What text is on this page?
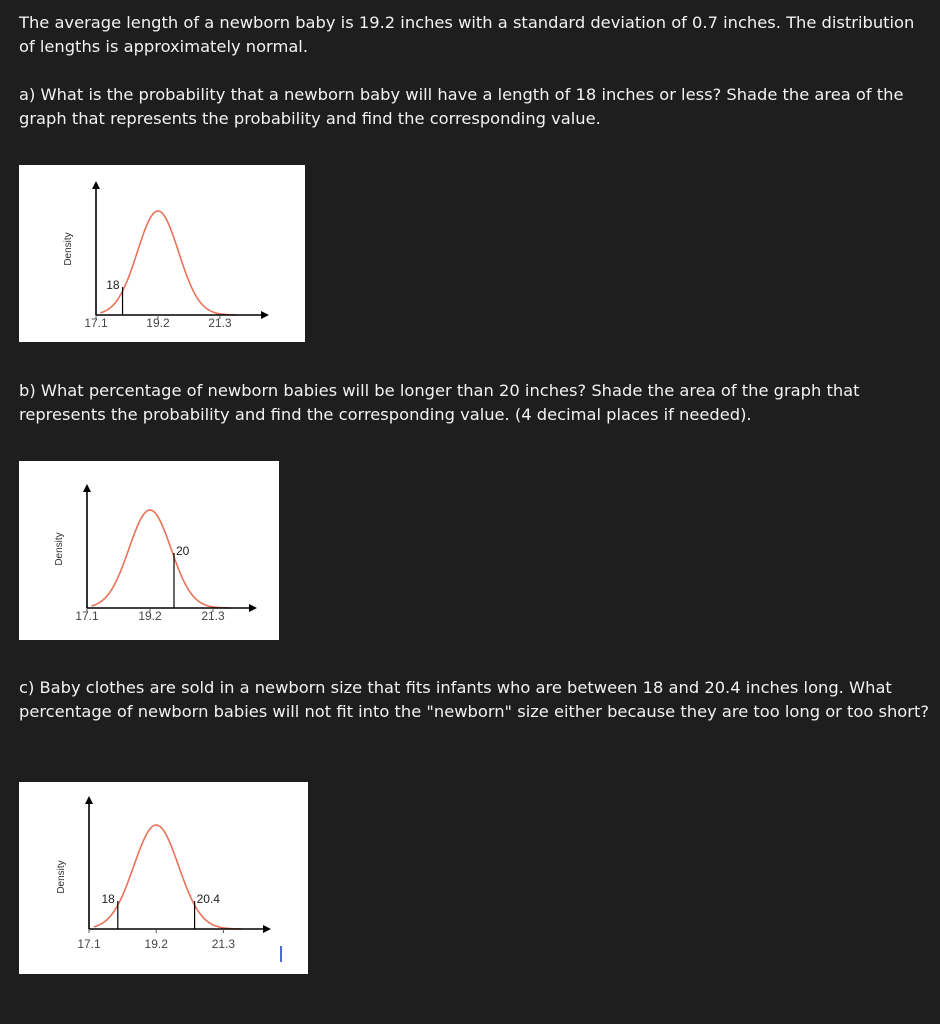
The average length of a newborn baby is 19.2 inches with a standard deviation of 0.7 inches. The distribution of lengths is approximately normal.

a) What is the probability that a newborn baby will have a length of 18 inches or less? Shade the area of the graph that represents the probability and find the corresponding value.

Density
17.1	19.2	21.3
18

b) What percentage of newborn babies will be longer than 20 inches? Shade the area of the graph that represents the probability and find the corresponding value. (4 decimal places if needed).

Density
17.1	19.2	21.3
20

c) Baby clothes are sold in a newborn size that fits infants who are between 18 and 20.4 inches long. What percentage of newborn babies will not fit into the "newborn" size either because they are too long or too short?

Density
17.1	19.2	21.3
18	20.4
